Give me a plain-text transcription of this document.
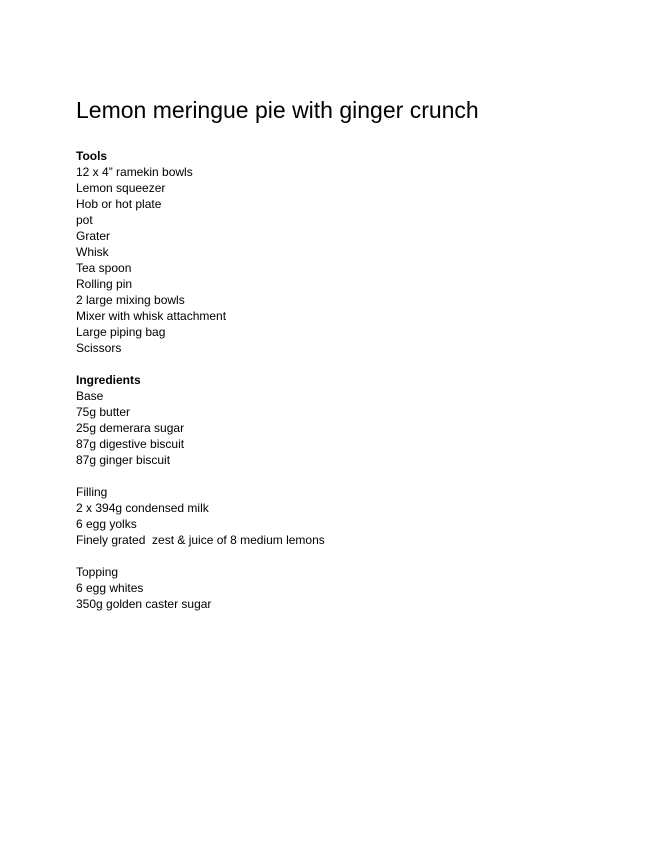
Lemon meringue pie with ginger crunch
Tools
12 x 4” ramekin bowls
Lemon squeezer
Hob or hot plate
pot
Grater
Whisk
Tea spoon
Rolling pin
2 large mixing bowls
Mixer with whisk attachment
Large piping bag
Scissors
Ingredients
Base
75g butter
25g demerara sugar
87g digestive biscuit
87g ginger biscuit
Filling
2 x 394g condensed milk
6 egg yolks
Finely grated  zest & juice of 8 medium lemons
Topping
6 egg whites
350g golden caster sugar
